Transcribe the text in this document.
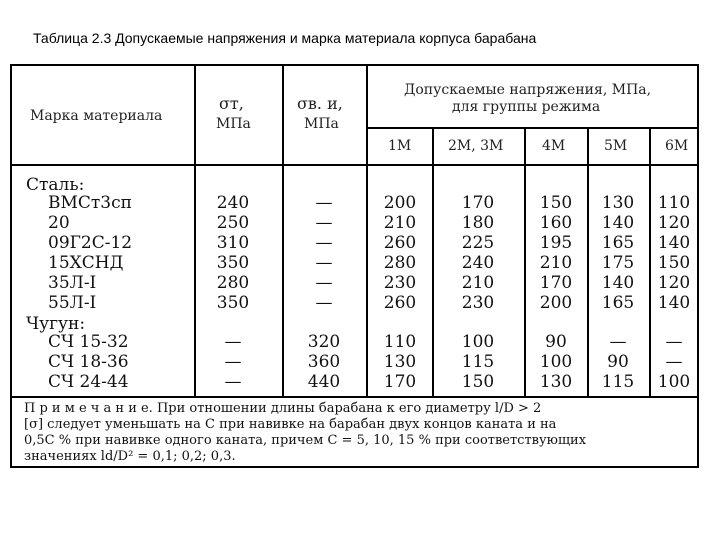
Таблица 2.3 Допускаемые напряжения и марка материала корпуса барабана
Марка материала
σт,
МПа
σв. и,
МПа
Допускаемые напряжения, МПа,
для группы режима
1М	2М, 3М	4М	5М	6М
Сталь:
Чугун:
ВМСт3сп	240	—	200	170	150 130 110
20	250	—	210	180	160 140 120
09Г2С-12	310	—	260	225	195 165 140
15ХСНД	350	—	280	240	210 175 150
35Л-I	280	—	230	210	170 140 120
55Л-I	350	—	260	230	200 165 140
СЧ 15-32	—	320	110	100	90	— —
СЧ 18-36	—	360	130	115	100 90 —
СЧ 24-44	—	440	170	150	130 115 100
П р и м е ч а н и е. При отношении длины барабана к его диаметру l/D > 2
[σ] следует уменьшать на C при навивке на барабан двух концов каната и на
0,5C % при навивке одного каната, причем C = 5, 10, 15 % при соответствующих
значениях ld/D² = 0,1; 0,2; 0,3.
